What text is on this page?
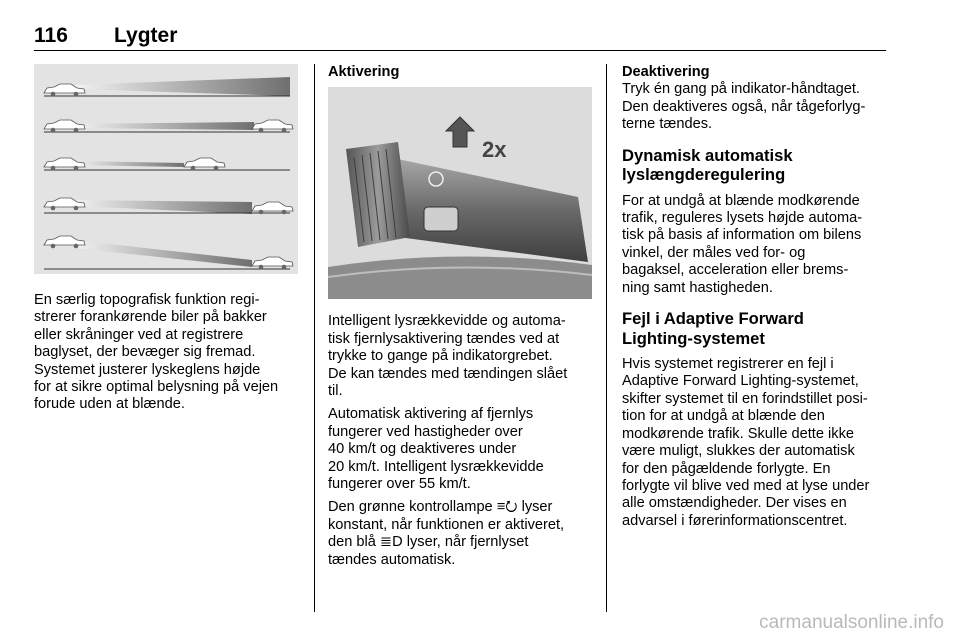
116 Lygter

En særlig topografisk funktion regi-
strerer forankørende biler på bakker
eller skråninger ved at registrere
baglyset, der bevæger sig fremad.
Systemet justerer lyskeglens højde
for at sikre optimal belysning på vejen
forude uden at blænde.

Aktivering

2x

Intelligent lysrækkevidde og automa-
tisk fjernlysaktivering tændes ved at
trykke to gange på indikatorgrebet.
De kan tændes med tændingen slået
til.

Automatisk aktivering af fjernlys
fungerer ved hastigheder over
40 km/t og deaktiveres under
20 km/t. Intelligent lysrækkevidde
fungerer over 55 km/t.

Den grønne kontrollampe ≡⭮ lyser
konstant, når funktionen er aktiveret,
den blå ≣D lyser, når fjernlyset
tændes automatisk.

Deaktivering

Tryk én gang på indikator-håndtaget.
Den deaktiveres også, når tågeforlyg-
terne tændes.

Dynamisk automatisk
lyslængderegulering

For at undgå at blænde modkørende
trafik, reguleres lysets højde automa-
tisk på basis af information om bilens
vinkel, der måles ved for- og
bagaksel, acceleration eller brems-
ning samt hastigheden.

Fejl i Adaptive Forward
Lighting-systemet

Hvis systemet registrerer en fejl i
Adaptive Forward Lighting-systemet,
skifter systemet til en forindstillet posi-
tion for at undgå at blænde den
modkørende trafik. Skulle dette ikke
være muligt, slukkes der automatisk
for den pågældende forlygte. En
forlygte vil blive ved med at lyse under
alle omstændigheder. Der vises en
advarsel i førerinformationscentret.

carmanualsonline.info
